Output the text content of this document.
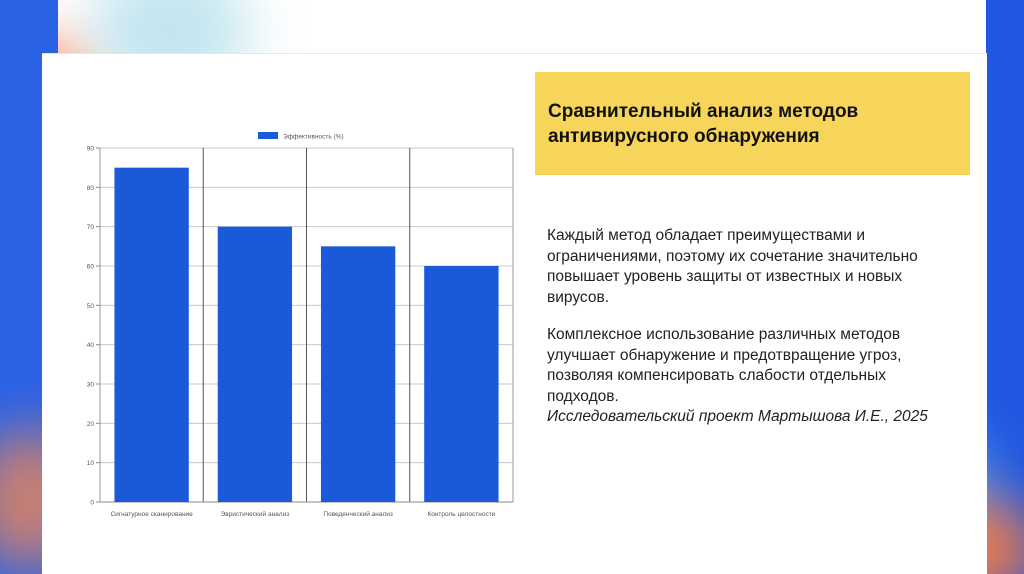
Сравнительный анализ методов антивирусного обнаружения

Каждый метод обладает преимуществами и ограничениями, поэтому их сочетание значительно повышает уровень защиты от известных и новых вирусов.

Комплексное использование различных методов улучшает обнаружение и предотвращение угроз, позволяя компенсировать слабости отдельных подходов.
Исследовательский проект Мартышова И.Е., 2025

0
10
20
30
40
50
60
70
80
90
Сигнатурное сканирование	Эвристический анализ	Поведенческий анализ	Контроль целостности
Эффективность (%)
